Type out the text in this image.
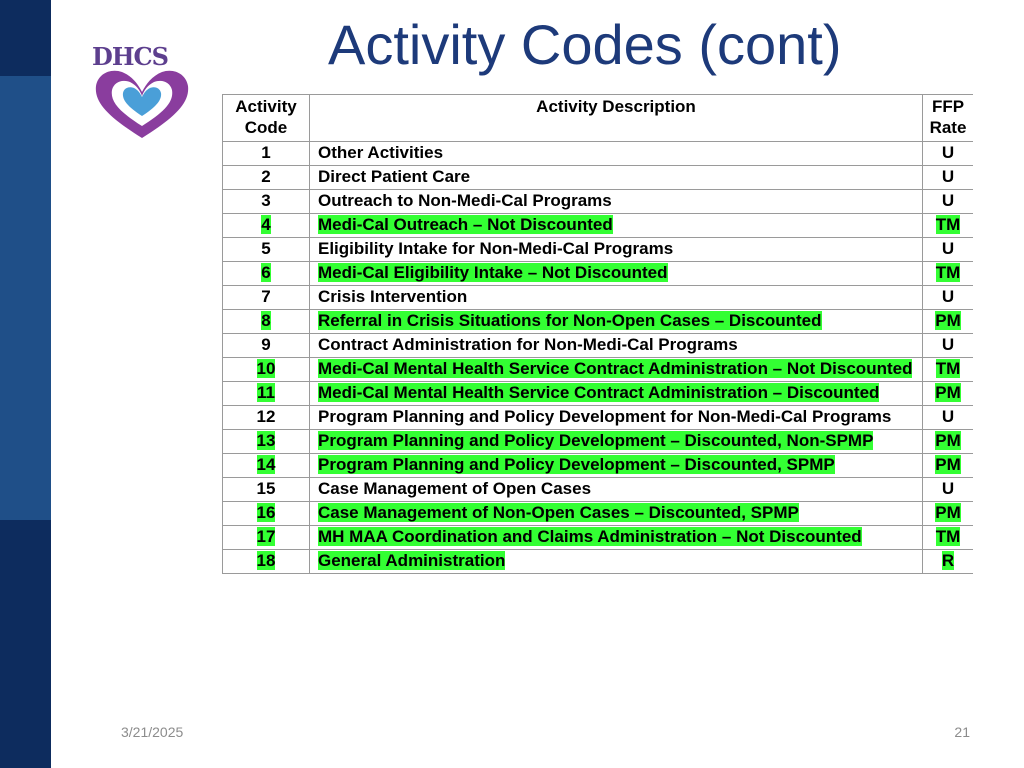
DHCS	Activity Codes (cont)
Activity
Code	Activity Description	FFP
Rate
1	Other Activities	U
2	Direct Patient Care	U
3	Outreach to Non-Medi-Cal Programs	U
4	Medi-Cal Outreach – Not Discounted	TM
5	Eligibility Intake for Non-Medi-Cal Programs	U
6	Medi-Cal Eligibility Intake – Not Discounted	TM
7	Crisis Intervention	U
8	Referral in Crisis Situations for Non-Open Cases – Discounted	PM
9	Contract Administration for Non-Medi-Cal Programs	U
10	Medi-Cal Mental Health Service Contract Administration – Not Discounted	TM
11	Medi-Cal Mental Health Service Contract Administration – Discounted	PM
12	Program Planning and Policy Development for Non-Medi-Cal Programs	U
13	Program Planning and Policy Development – Discounted, Non-SPMP	PM
14	Program Planning and Policy Development – Discounted, SPMP	PM
15	Case Management of Open Cases	U
16	Case Management of Non-Open Cases – Discounted, SPMP	PM
17	MH MAA Coordination and Claims Administration – Not Discounted	TM
18	General Administration	R
3/21/2025	21
